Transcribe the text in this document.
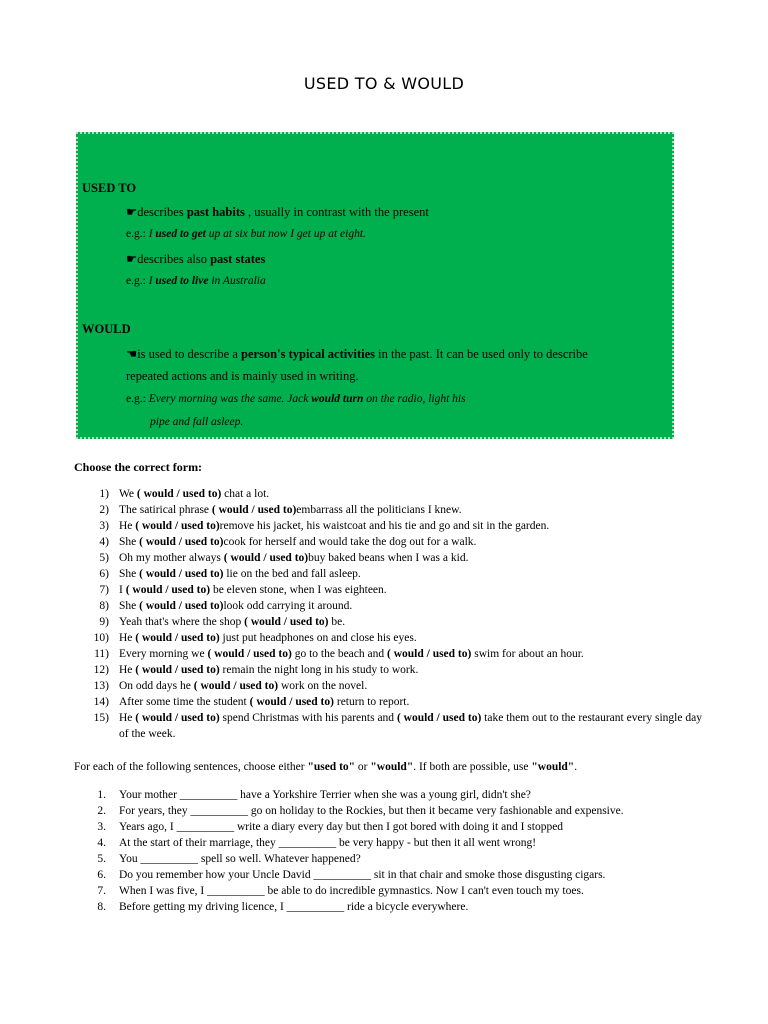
USED TO & WOULD
USED TO
☛describes past habits , usually in contrast with the present
e.g.: I used to get up at six but now I get up at eight.
☛describes also past states
e.g.: I used to live in Australia
WOULD
☚is used to describe a person's typical activities in the past. It can be used only to describe
repeated actions and is mainly used in writing.
e.g.: Every morning was the same. Jack would turn on the radio, light his
pipe and fall asleep.
Choose the correct form:
1) We ( would / used to) chat a lot.
2) The satirical phrase ( would / used to)embarrass all the politicians I knew.
3) He ( would / used to)remove his jacket, his waistcoat and his tie and go and sit in the garden.
4) She ( would / used to)cook for herself and would take the dog out for a walk.
5) Oh my mother always ( would / used to)buy baked beans when I was a kid.
6) She ( would / used to) lie on the bed and fall asleep.
7) I ( would / used to) be eleven stone, when I was eighteen.
8) She ( would / used to)look odd carrying it around.
9) Yeah that's where the shop ( would / used to) be.
10) He ( would / used to) just put headphones on and close his eyes.
11) Every morning we ( would / used to) go to the beach and ( would / used to) swim for about an hour.
12) He ( would / used to) remain the night long in his study to work.
13) On odd days he ( would / used to) work on the novel.
14) After some time the student ( would / used to) return to report.
15) He ( would / used to) spend Christmas with his parents and ( would / used to) take them out to the restaurant every single day of the week.
For each of the following sentences, choose either "used to" or "would". If both are possible, use "would".
1. Your mother __________ have a Yorkshire Terrier when she was a young girl, didn't she?
2. For years, they __________ go on holiday to the Rockies, but then it became very fashionable and expensive.
3. Years ago, I __________ write a diary every day but then I got bored with doing it and I stopped
4. At the start of their marriage, they __________ be very happy - but then it all went wrong!
5. You __________ spell so well. Whatever happened?
6. Do you remember how your Uncle David __________ sit in that chair and smoke those disgusting cigars.
7. When I was five, I __________ be able to do incredible gymnastics. Now I can't even touch my toes.
8. Before getting my driving licence, I __________ ride a bicycle everywhere.
